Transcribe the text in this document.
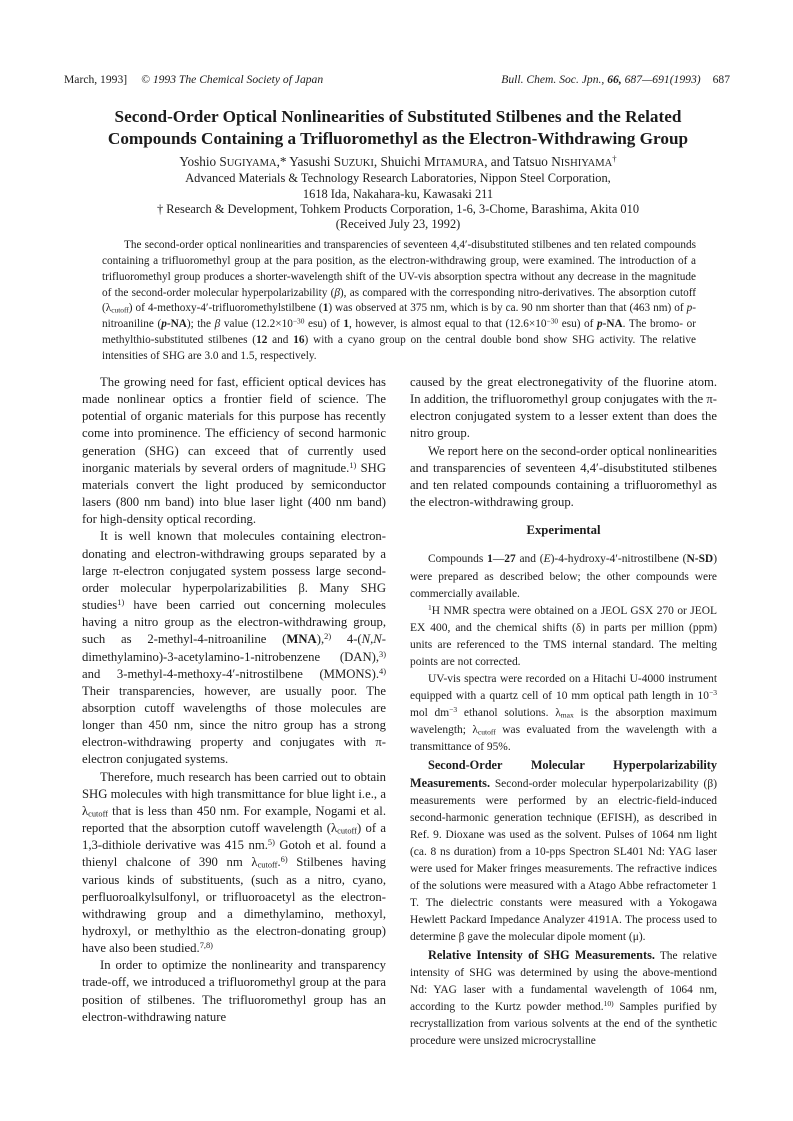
March, 1993] © 1993 The Chemical Society of Japan	Bull. Chem. Soc. Jpn., 66, 687—691(1993) 687
Second-Order Optical Nonlinearities of Substituted Stilbenes and the Related
Compounds Containing a Trifluoromethyl as the Electron-Withdrawing Group
Yoshio SUGIYAMA,* Yasushi SUZUKI, Shuichi MITAMURA, and Tatsuo NISHIYAMA†
Advanced Materials & Technology Research Laboratories, Nippon Steel Corporation,
1618 Ida, Nakahara-ku, Kawasaki 211
† Research & Development, Tohkem Products Corporation, 1-6, 3-Chome, Barashima, Akita 010
(Received July 23, 1992)

The second-order optical nonlinearities and transparencies of seventeen 4,4′-disubstituted stilbenes and ten related compounds containing a trifluoromethyl group at the para position, as the electron-withdrawing group, were examined. The introduction of a trifluoromethyl group produces a shorter-wavelength shift of the UV-vis absorption spectra without any decrease in the magnitude of the second-order molecular hyperpolarizability (β), as compared with the corresponding nitro-derivatives. The absorption cutoff $(\lambda_{cutoff})$ of 4-methoxy-4′-trifluoromethylstilbene (1) was observed at 375 nm, which is by ca. 90 nm shorter than that (463 nm) of p-nitroaniline (p-NA); the β value ($12.2\times 10^{-30}$ esu) of 1, however, is almost equal to that ($12.6\times 10^{-30}$ esu) of p-NA. The bromo- or methylthio-substituted stilbenes (12 and 16) with a cyano group on the central double bond show SHG activity. The relative intensities of SHG are 3.0 and 1.5, respectively.

The growing need for fast, efficient optical devices has made nonlinear optics a frontier field of science. The potential of organic materials for this purpose has recently come into prominence. The efficiency of second harmonic generation (SHG) can exceed that of currently used inorganic materials by several orders of magnitude.$^{1)}$ SHG materials convert the light produced by semiconductor lasers (800 nm band) into blue laser light (400 nm band) for high-density optical recording.

It is well known that molecules containing electron-donating and electron-withdrawing groups separated by a large π-electron conjugated system possess large second-order molecular hyperpolarizabilities β. Many SHG studies$^{1)}$ have been carried out concerning molecules having a nitro group as the electron-withdrawing group, such as 2-methyl-4-nitroaniline (MNA),$^{2)}$ 4-(N,N-dimethylamino)-3-acetylamino-1-nitrobenzene (DAN),$^{3)}$ and 3-methyl-4-methoxy-4′-nitrostilbene (MMONS).$^{4)}$ Their transparencies, however, are usually poor. The absorption cutoff wavelengths of those molecules are longer than 450 nm, since the nitro group has a strong electron-withdrawing property and conjugates with π-electron conjugated systems.

Therefore, much research has been carried out to obtain SHG molecules with high transmittance for blue light i.e., a $\lambda_{cutoff}$ that is less than 450 nm. For example, Nogami et al. reported that the absorption cutoff wavelength $(\lambda_{cutoff})$ of a 1,3-dithiole derivative was 415 nm.$^{5)}$ Gotoh et al. found a thienyl chalcone of 390 nm $\lambda_{cutoff}.^{6)}$ Stilbenes having various kinds of substituents, (such as a nitro, cyano, perfluoroalkylsulfonyl, or trifluoroacetyl as the electron-withdrawing group and a dimethylamino, methoxyl, hydroxyl, or methylthio as the electron-donating group) have also been studied.$^{7,8)}$

In order to optimize the nonlinearity and transparency trade-off, we introduced a trifluoromethyl group at the para position of stilbenes. The trifluoromethyl group has an electron-withdrawing nature

caused by the great electronegativity of the fluorine atom. In addition, the trifluoromethyl group conjugates with the π-electron conjugated system to a lesser extent than does the nitro group.

We report here on the second-order optical nonlinearities and transparencies of seventeen 4,4′-disubstituted stilbenes and ten related compounds containing a trifluoromethyl as the electron-withdrawing group.

Experimental

Compounds 1—27 and (E)-4-hydroxy-4′-nitrostilbene (N-SD) were prepared as described below; the other compounds were commercially available.

$^1$H NMR spectra were obtained on a JEOL GSX 270 or JEOL EX 400, and the chemical shifts (δ) in parts per million (ppm) units are referenced to the TMS internal standard. The melting points are not corrected.

UV-vis spectra were recorded on a Hitachi U-4000 instrument equipped with a quartz cell of 10 mm optical path length in $10^{-3}$ mol $dm^{-3}$ ethanol solutions. $\lambda_{max}$ is the absorption maximum wavelength; $\lambda_{cutoff}$ was evaluated from the wavelength with a transmittance of 95%.

Second-Order Molecular Hyperpolarizability Measurements. Second-order molecular hyperpolarizability (β) measurements were performed by an electric-field-induced second-harmonic generation technique (EFISH), as described in Ref. 9. Dioxane was used as the solvent. Pulses of 1064 nm light (ca. 8 ns duration) from a 10-pps Spectron SL401 Nd: YAG laser were used for Maker fringes measurements. The refractive indices of the solutions were measured with a Atago Abbe refractometer 1 T. The dielectric constants were measured with a Yokogawa Hewlett Packard Impedance Analyzer 4191A. The process used to determine β gave the molecular dipole moment (μ).

Relative Intensity of SHG Measurements. The relative intensity of SHG was determined by using the above-mentiond Nd: YAG laser with a fundamental wavelength of 1064 nm, according to the Kurtz powder method.$^{10)}$ Samples purified by recrystallization from various solvents at the end of the synthetic procedure were unsized microcrystalline
